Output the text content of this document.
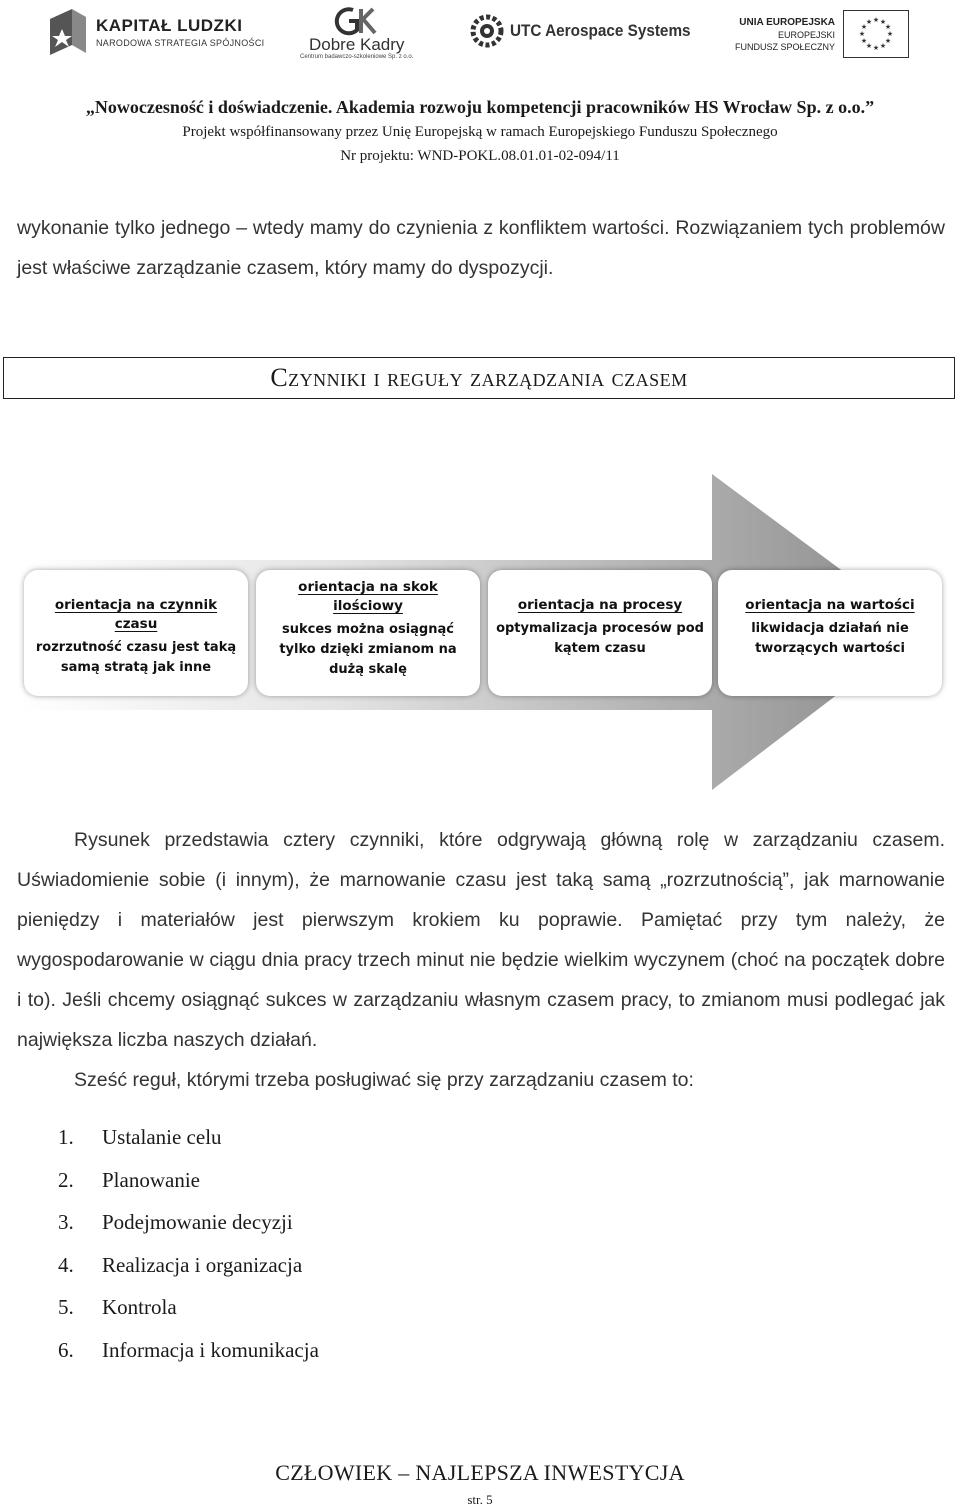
KAPITAŁ LUDZKI
NARODOWA STRATEGIA SPÓJNOŚCI	Dobre Kadry
Centrum badawczo-szkoleniowe Sp. z o.o.
UTC Aerospace Systems	UNIA EUROPEJSKA
EUROPEJSKI
FUNDUSZ SPOŁECZNY
★ ★
★
★
★
★
★
★
★
★
★
★
„Nowoczesność i doświadczenie. Akademia rozwoju kompetencji pracowników HS Wrocław Sp. z o.o.”
Projekt współfinansowany przez Unię Europejską w ramach Europejskiego Funduszu Społecznego
Nr projektu: WND-POKL.08.01.01-02-094/11
wykonanie tylko jednego – wtedy mamy do czynienia z konfliktem wartości. Rozwiązaniem tych problemów jest właściwe zarządzanie czasem, który mamy do dyspozycji.
Czynniki i reguły zarządzania czasem
orientacja na czynnik czasu
rozrzutność czasu jest taką samą stratą jak inne
orientacja na skok ilościowy
sukces można osiągnąć tylko dzięki zmianom na dużą skalę
orientacja na procesy
optymalizacja procesów pod kątem czasu
orientacja na wartości
likwidacja działań nie tworzących wartości
Rysunek przedstawia cztery czynniki, które odgrywają główną rolę w zarządzaniu czasem. Uświadomienie sobie (i innym), że marnowanie czasu jest taką samą „rozrzutnością”, jak marnowanie pieniędzy i materiałów jest pierwszym krokiem ku poprawie. Pamiętać przy tym należy, że wygospodarowanie w ciągu dnia pracy trzech minut nie będzie wielkim wyczynem (choć na początek dobre i to). Jeśli chcemy osiągnąć sukces w zarządzaniu własnym czasem pracy, to zmianom musi podlegać jak największa liczba naszych działań.
Sześć reguł, którymi trzeba posługiwać się przy zarządzaniu czasem to:
1.	Ustalanie celu
2.	Planowanie
3.	Podejmowanie decyzji
4.	Realizacja i organizacja
5.	Kontrola
6.	Informacja i komunikacja
CZŁOWIEK – NAJLEPSZA INWESTYCJA
str. 5
